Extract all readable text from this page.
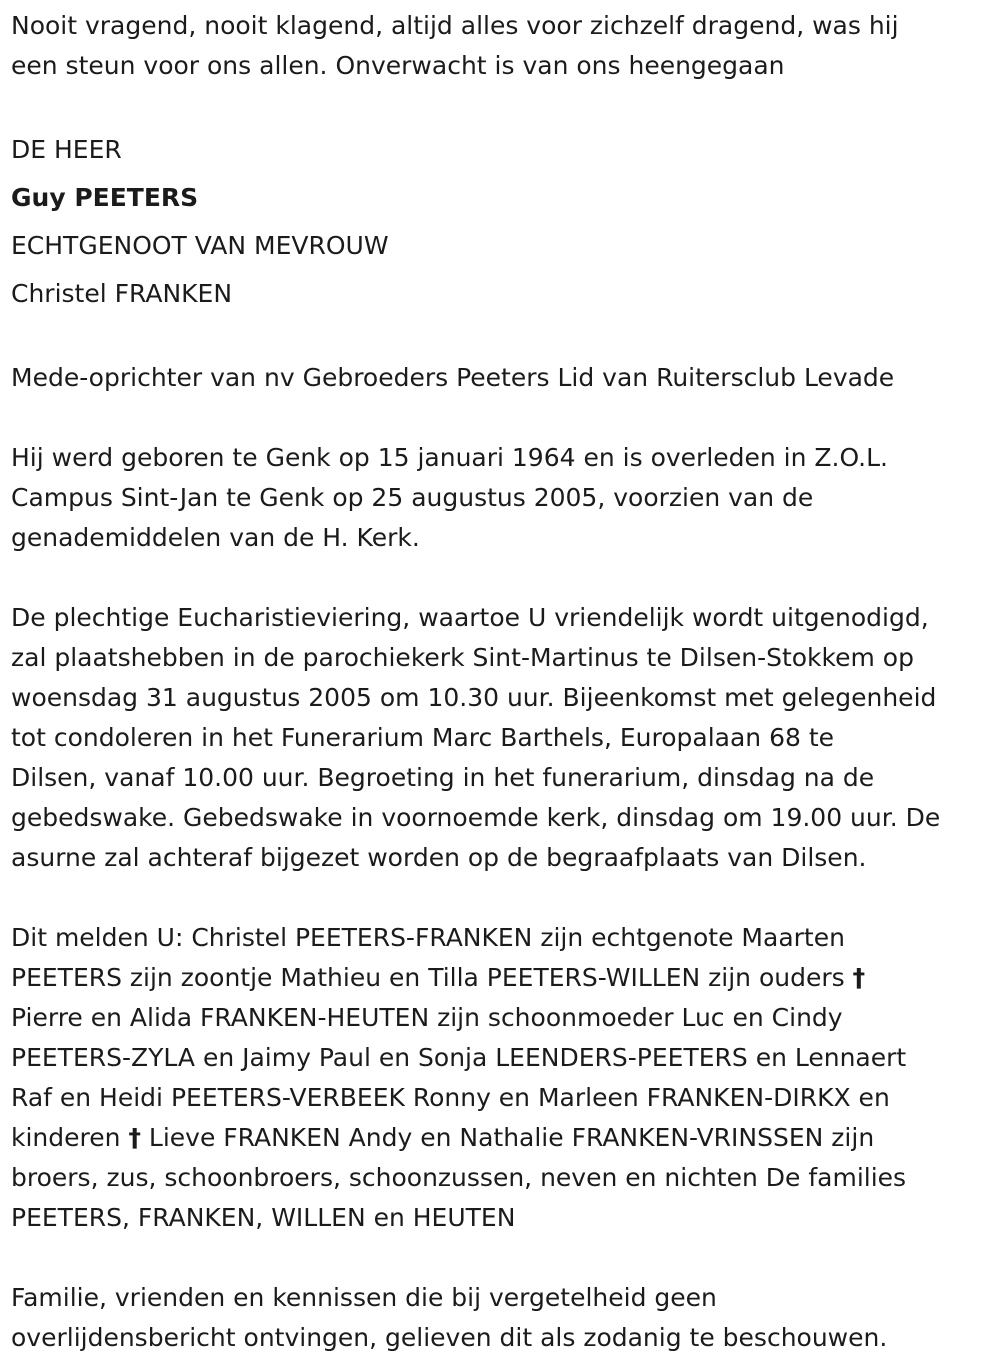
Nooit vragend, nooit klagend, altijd alles voor zichzelf dragend, was hij

een steun voor ons allen. Onverwacht is van ons heengegaan

DE HEER

Guy PEETERS

ECHTGENOOT VAN MEVROUW

Christel FRANKEN

Mede-oprichter van nv Gebroeders Peeters Lid van Ruitersclub Levade

Hij werd geboren te Genk op 15 januari 1964 en is overleden in Z.O.L.

Campus Sint-Jan te Genk op 25 augustus 2005, voorzien van de

genademiddelen van de H. Kerk.

De plechtige Eucharistieviering, waartoe U vriendelijk wordt uitgenodigd,

zal plaatshebben in de parochiekerk Sint-Martinus te Dilsen-Stokkem op

woensdag 31 augustus 2005 om 10.30 uur. Bijeenkomst met gelegenheid

tot condoleren in het Funerarium Marc Barthels, Europalaan 68 te

Dilsen, vanaf 10.00 uur. Begroeting in het funerarium, dinsdag na de

gebedswake. Gebedswake in voornoemde kerk, dinsdag om 19.00 uur. De

asurne zal achteraf bijgezet worden op de begraafplaats van Dilsen.

Dit melden U: Christel PEETERS-FRANKEN zijn echtgenote Maarten

PEETERS zijn zoontje Mathieu en Tilla PEETERS-WILLEN zijn ouders †

Pierre en Alida FRANKEN-HEUTEN zijn schoonmoeder Luc en Cindy

PEETERS-ZYLA en Jaimy Paul en Sonja LEENDERS-PEETERS en Lennaert

Raf en Heidi PEETERS-VERBEEK Ronny en Marleen FRANKEN-DIRKX en

kinderen † Lieve FRANKEN Andy en Nathalie FRANKEN-VRINSSEN zijn

broers, zus, schoonbroers, schoonzussen, neven en nichten De families

PEETERS, FRANKEN, WILLEN en HEUTEN

Familie, vrienden en kennissen die bij vergetelheid geen

overlijdensbericht ontvingen, gelieven dit als zodanig te beschouwen.
